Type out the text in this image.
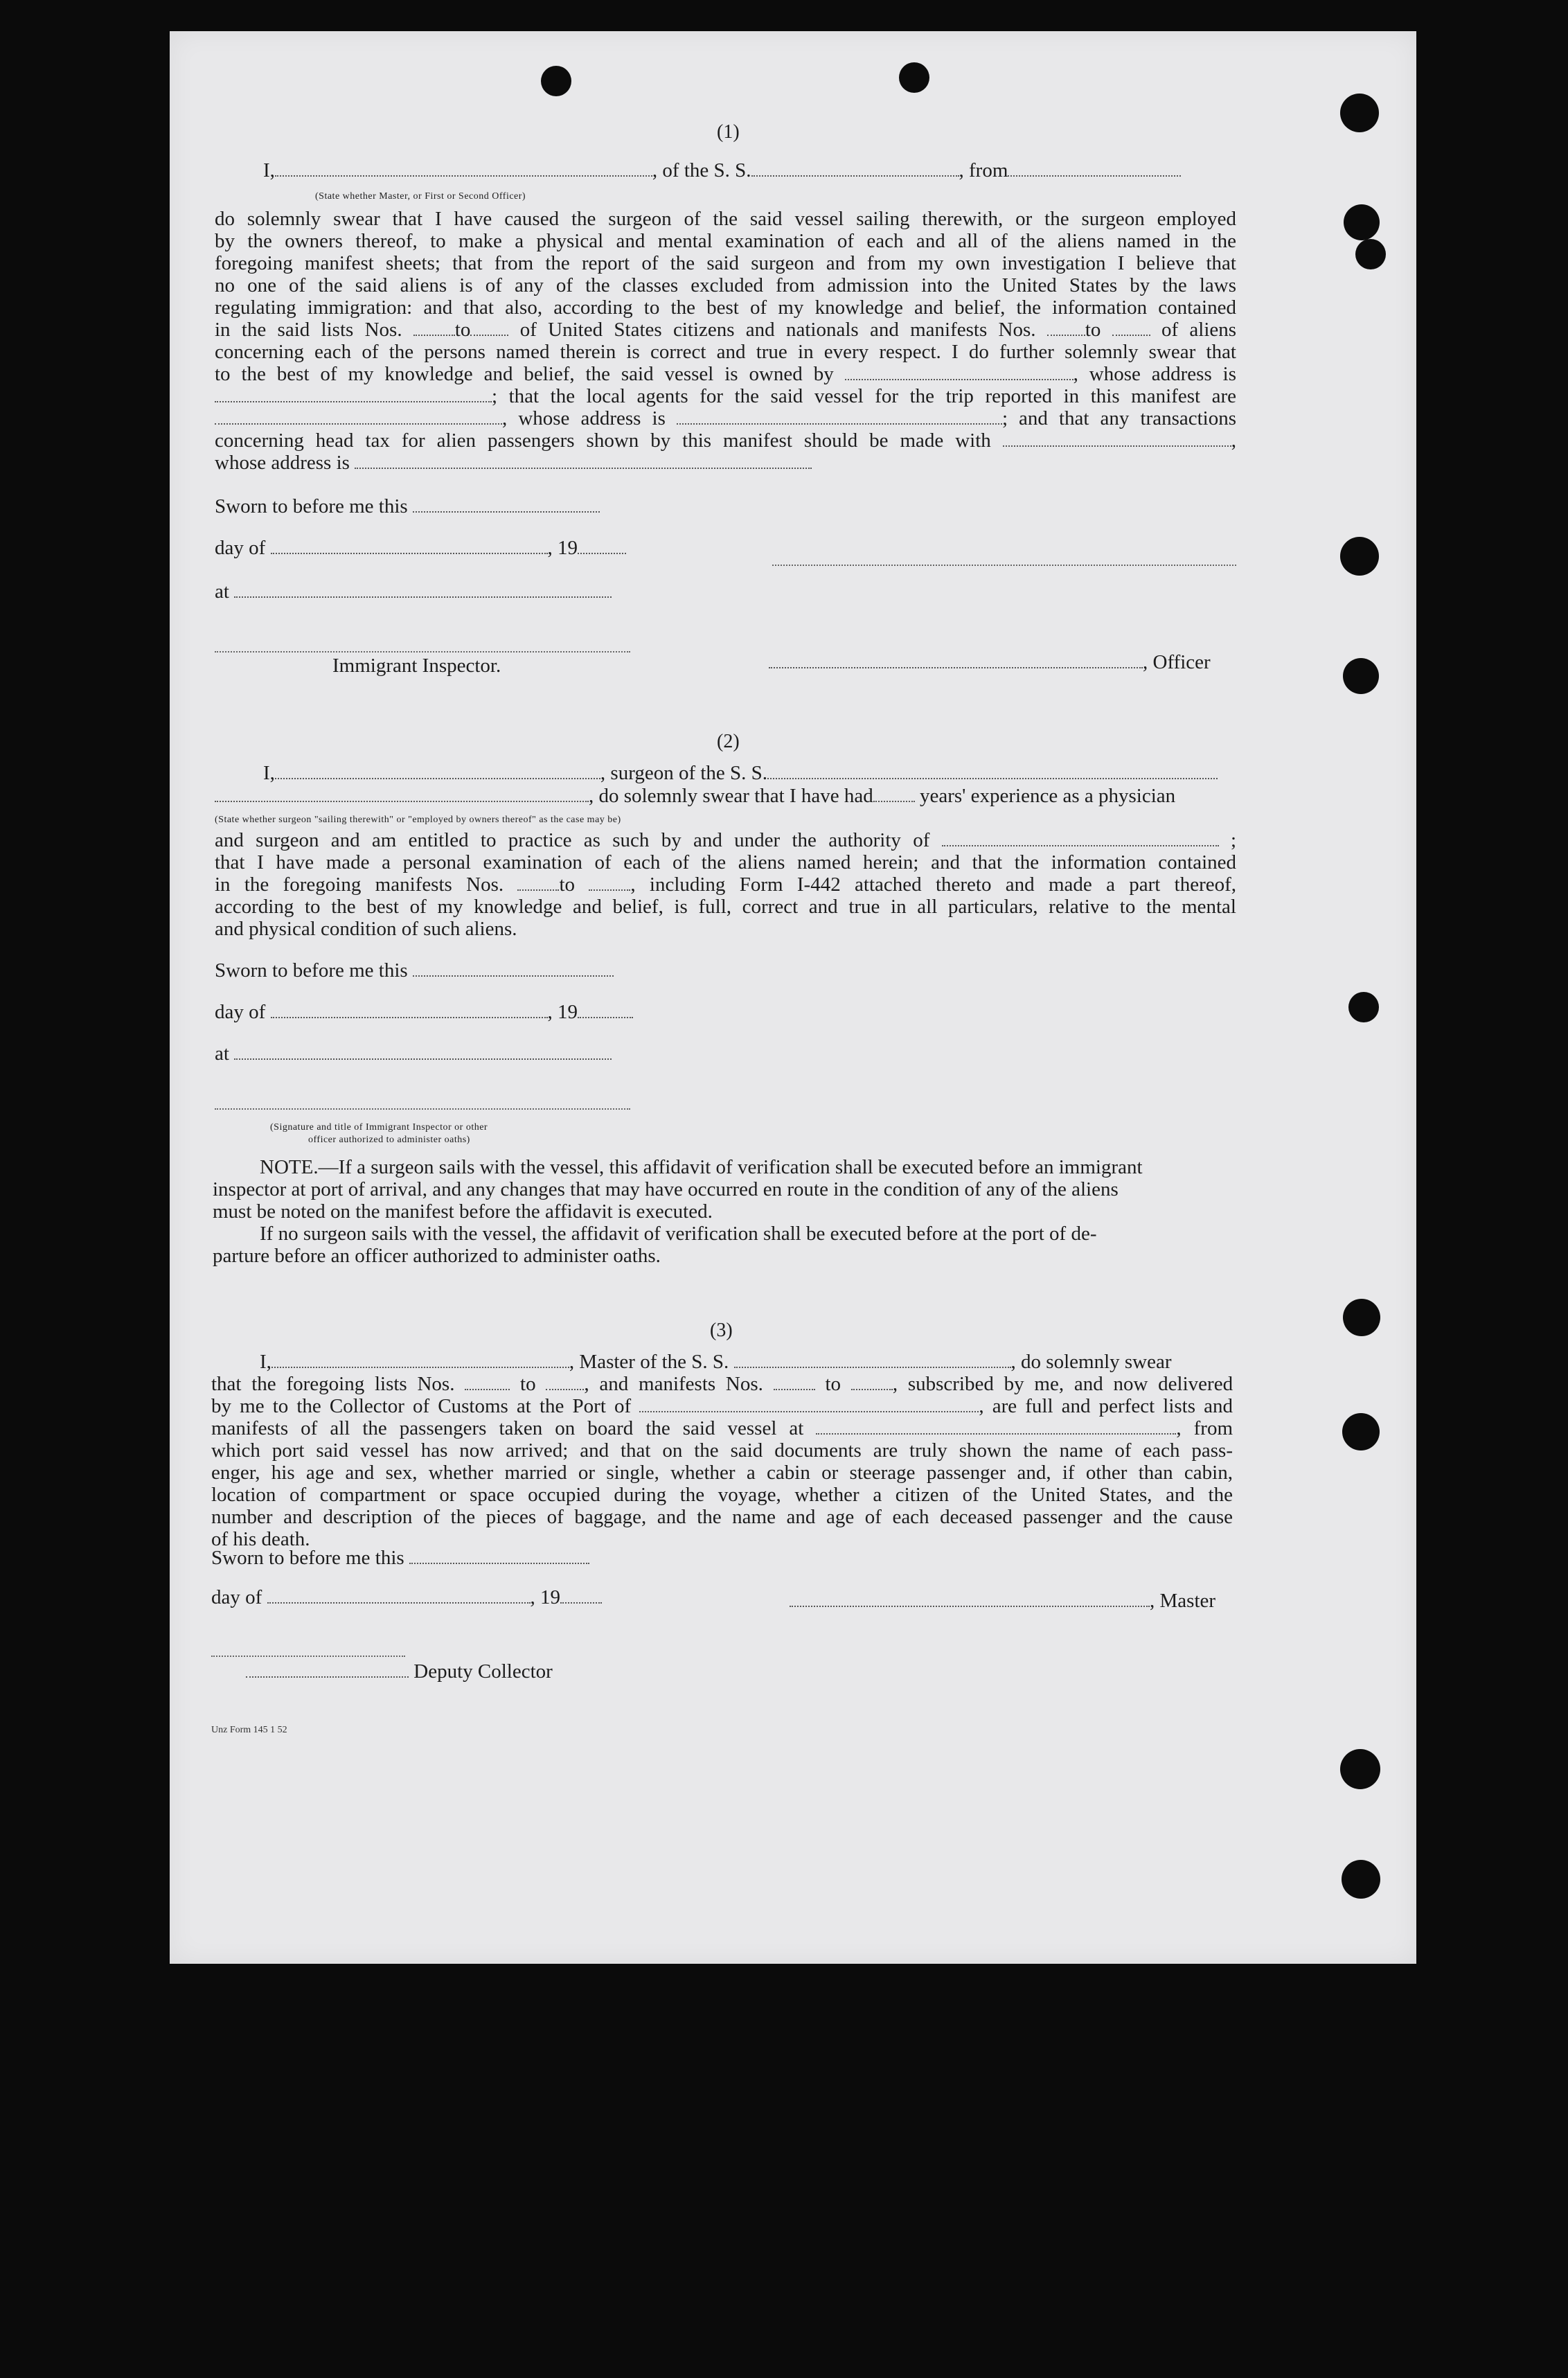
(1)
I,	, of the S. S.	, from
(State whether Master, or First or Second Officer)
do solemnly swear that I have caused the surgeon of the said vessel sailing therewith, or the surgeon employed
by the owners thereof, to make a physical and mental examination of each and all of the aliens named in the
foregoing manifest sheets; that from the report of the said surgeon and from my own investigation I believe that
no one of the said aliens is of any of the classes excluded from admission into the United States by the laws
regulating immigration: and that also, according to the best of my knowledge and belief, the information contained
in the said lists Nos.	to of United States citizens and nationals and manifests Nos. to	of aliens
concerning each of the persons named therein is correct and true in every respect. I do further solemnly swear that
to the best of my knowledge and belief, the said vessel is owned by	, whose address is
; that the local agents for the said vessel for the trip reported in this manifest are
, whose address is	; and that any transactions
concerning head tax for alien passengers shown by this manifest should be made with	,
whose address is
Sworn to before me this
day of	, 19
at
Immigrant Inspector.	, Officer
(2)
I,	, surgeon of the S. S.
, do solemnly swear that I have had years' experience as a physician
(State whether surgeon "sailing therewith" or "employed by owners thereof" as the case may be)
and surgeon and am entitled to practice as such by and under the authority of	;
that I have made a personal examination of each of the aliens named herein; and that the information contained
in the foregoing manifests Nos.	to	, including Form I-442 attached thereto and made a part thereof,
according to the best of my knowledge and belief, is full, correct and true in all particulars, relative to the mental
and physical condition of such aliens.
Sworn to before me this
day of	, 19
at
(Signature and title of Immigrant Inspector or other
officer authorized to administer oaths)
NOTE.—If a surgeon sails with the vessel, this affidavit of verification shall be executed before an immigrant
inspector at port of arrival, and any changes that may have occurred en route in the condition of any of the aliens
must be noted on the manifest before the affidavit is executed.
If no surgeon sails with the vessel, the affidavit of verification shall be executed before at the port of de-
parture before an officer authorized to administer oaths.
(3)
I,	, Master of the S. S.	, do solemnly swear
that the foregoing lists Nos.	to , and manifests Nos.	to	, subscribed by me, and now delivered
by me to the Collector of Customs at the Port of	, are full and perfect lists and
manifests of all the passengers taken on board the said vessel at	, from
which port said vessel has now arrived; and that on the said documents are truly shown the name of each pass-
enger, his age and sex, whether married or single, whether a cabin or steerage passenger and, if other than cabin,
location of compartment or space occupied during the voyage, whether a citizen of the United States, and the
number and description of the pieces of baggage, and the name and age of each deceased passenger and the cause
of his death.
Sworn to before me this
day of	, 19	, Master
Deputy Collector
Unz Form 145 1 52
